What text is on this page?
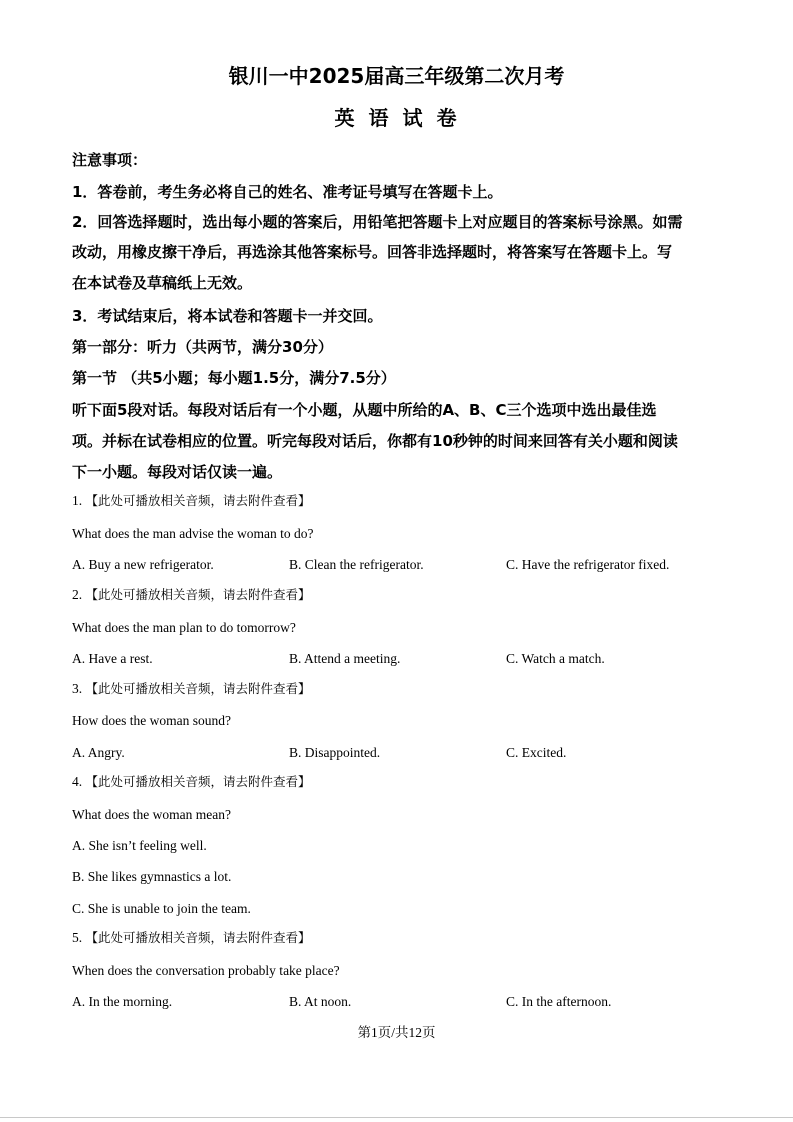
银川一中2025届高三年级第二次月考
英 语 试 卷
注意事项：
1．答卷前，考生务必将自己的姓名、准考证号填写在答题卡上。
2．回答选择题时，选出每小题的答案后，用铅笔把答题卡上对应题目的答案标号涂黑。如需
改动，用橡皮擦干净后，再选涂其他答案标号。回答非选择题时，将答案写在答题卡上。写
在本试卷及草稿纸上无效。
3．考试结束后，将本试卷和答题卡一并交回。
第一部分：听力（共两节，满分30分）
第一节 （共5小题；每小题1.5分，满分7.5分）
听下面5段对话。每段对话后有一个小题，从题中所给的A、B、C三个选项中选出最佳选
项。并标在试卷相应的位置。听完每段对话后，你都有10秒钟的时间来回答有关小题和阅读
下一小题。每段对话仅读一遍。
1. 【此处可播放相关音频，请去附件查看】
What does the man advise the woman to do?
A. Buy a new refrigerator.	B. Clean the refrigerator.	C. Have the refrigerator fixed.
2. 【此处可播放相关音频，请去附件查看】
What does the man plan to do tomorrow?
A. Have a rest.	B. Attend a meeting.	C. Watch a match.
3. 【此处可播放相关音频，请去附件查看】
How does the woman sound?
A. Angry.	B. Disappointed.	C. Excited.
4. 【此处可播放相关音频，请去附件查看】
What does the woman mean?
A. She isn’t feeling well.
B. She likes gymnastics a lot.
C. She is unable to join the team.
5. 【此处可播放相关音频，请去附件查看】
When does the conversation probably take place?
A. In the morning.	B. At noon.	C. In the afternoon.
第1页/共12页
